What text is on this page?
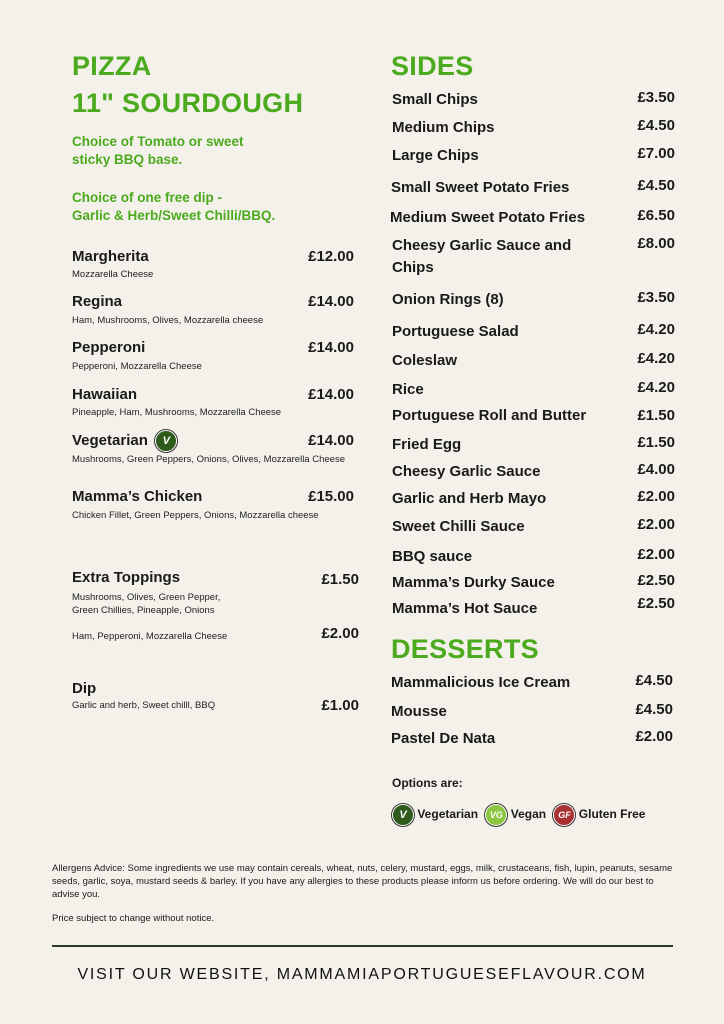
PIZZA
11" SOURDOUGH
Choice of Tomato or sweet
sticky BBQ base.
Choice of one free dip -
Garlic & Herb/Sweet Chilli/BBQ.
Margherita	£12.00
Mozzarella Cheese
Regina	£14.00
Ham, Mushrooms, Olives, Mozzarella cheese
Pepperoni	£14.00
Pepperoni, Mozzarella Cheese
Hawaiian	£14.00
Pineapple, Ham, Mushrooms, Mozzarella Cheese
Vegetarian V	£14.00
Mushrooms, Green Peppers, Onions, Olives, Mozzarella Cheese
Mamma’s Chicken	£15.00
Chicken Fillet, Green Peppers, Onions, Mozzarella cheese
Extra Toppings	£1.50
Mushrooms, Olives, Green Pepper,
Green Chillies, Pineapple, Onions
Ham, Pepperoni, Mozzarella Cheese	£2.00
Dip
Garlic and herb, Sweet chilll, BBQ	£1.00
SIDES
Small Chips	£3.50
Medium Chips	£4.50
Large Chips	£7.00
Small Sweet Potato Fries	£4.50
Medium Sweet Potato Fries	£6.50
Cheesy Garlic Sauce and Chips
£8.00
Onion Rings (8)	£3.50
Portuguese Salad	£4.20
Coleslaw	£4.20
Rice	£4.20
Portuguese Roll and Butter	£1.50
Fried Egg	£1.50
Cheesy Garlic Sauce	£4.00
Garlic and Herb Mayo	£2.00
Sweet Chilli Sauce	£2.00
BBQ sauce	£2.00
Mamma’s Durky Sauce	£2.50
Mamma’s Hot Sauce	£2.50
DESSERTS
Mammalicious Ice Cream	£4.50
Mousse	£4.50
Pastel De Nata	£2.00
Options are:
V Vegetarian VG Vegan GF Gluten Free
Allergens Advice: Some ingredients we use may contain cereals, wheat, nuts, celery, mustard, eggs, milk, crustaceans, fish, lupin, peanuts, sesame seeds, garlic, soya, mustard seeds & barley. If you have any allergies to these products please inform us before ordering. We will do our best to advise you.
Price subject to change without notice.
VISIT OUR WEBSITE, MAMMAMIAPORTUGUESEFLAVOUR.COM
